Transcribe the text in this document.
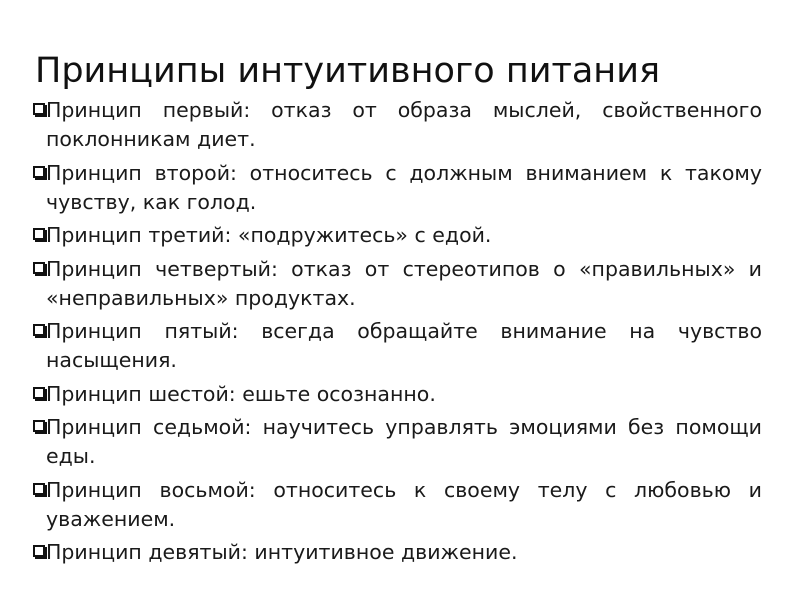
Принципы интуитивного питания
Принцип первый: отказ от образа мыслей, свойственного поклонникам диет.
Принцип второй: относитесь с должным вниманием к такому чувству, как голод.
Принцип третий: «подружитесь» с едой.
Принцип четвертый: отказ от стереотипов о «правильных» и «неправильных» продуктах.
Принцип пятый: всегда обращайте внимание на чувство насыщения.
Принцип шестой: ешьте осознанно.
Принцип седьмой: научитесь управлять эмоциями без помощи еды.
Принцип восьмой: относитесь к своему телу с любовью и уважением.
Принцип девятый: интуитивное движение.
